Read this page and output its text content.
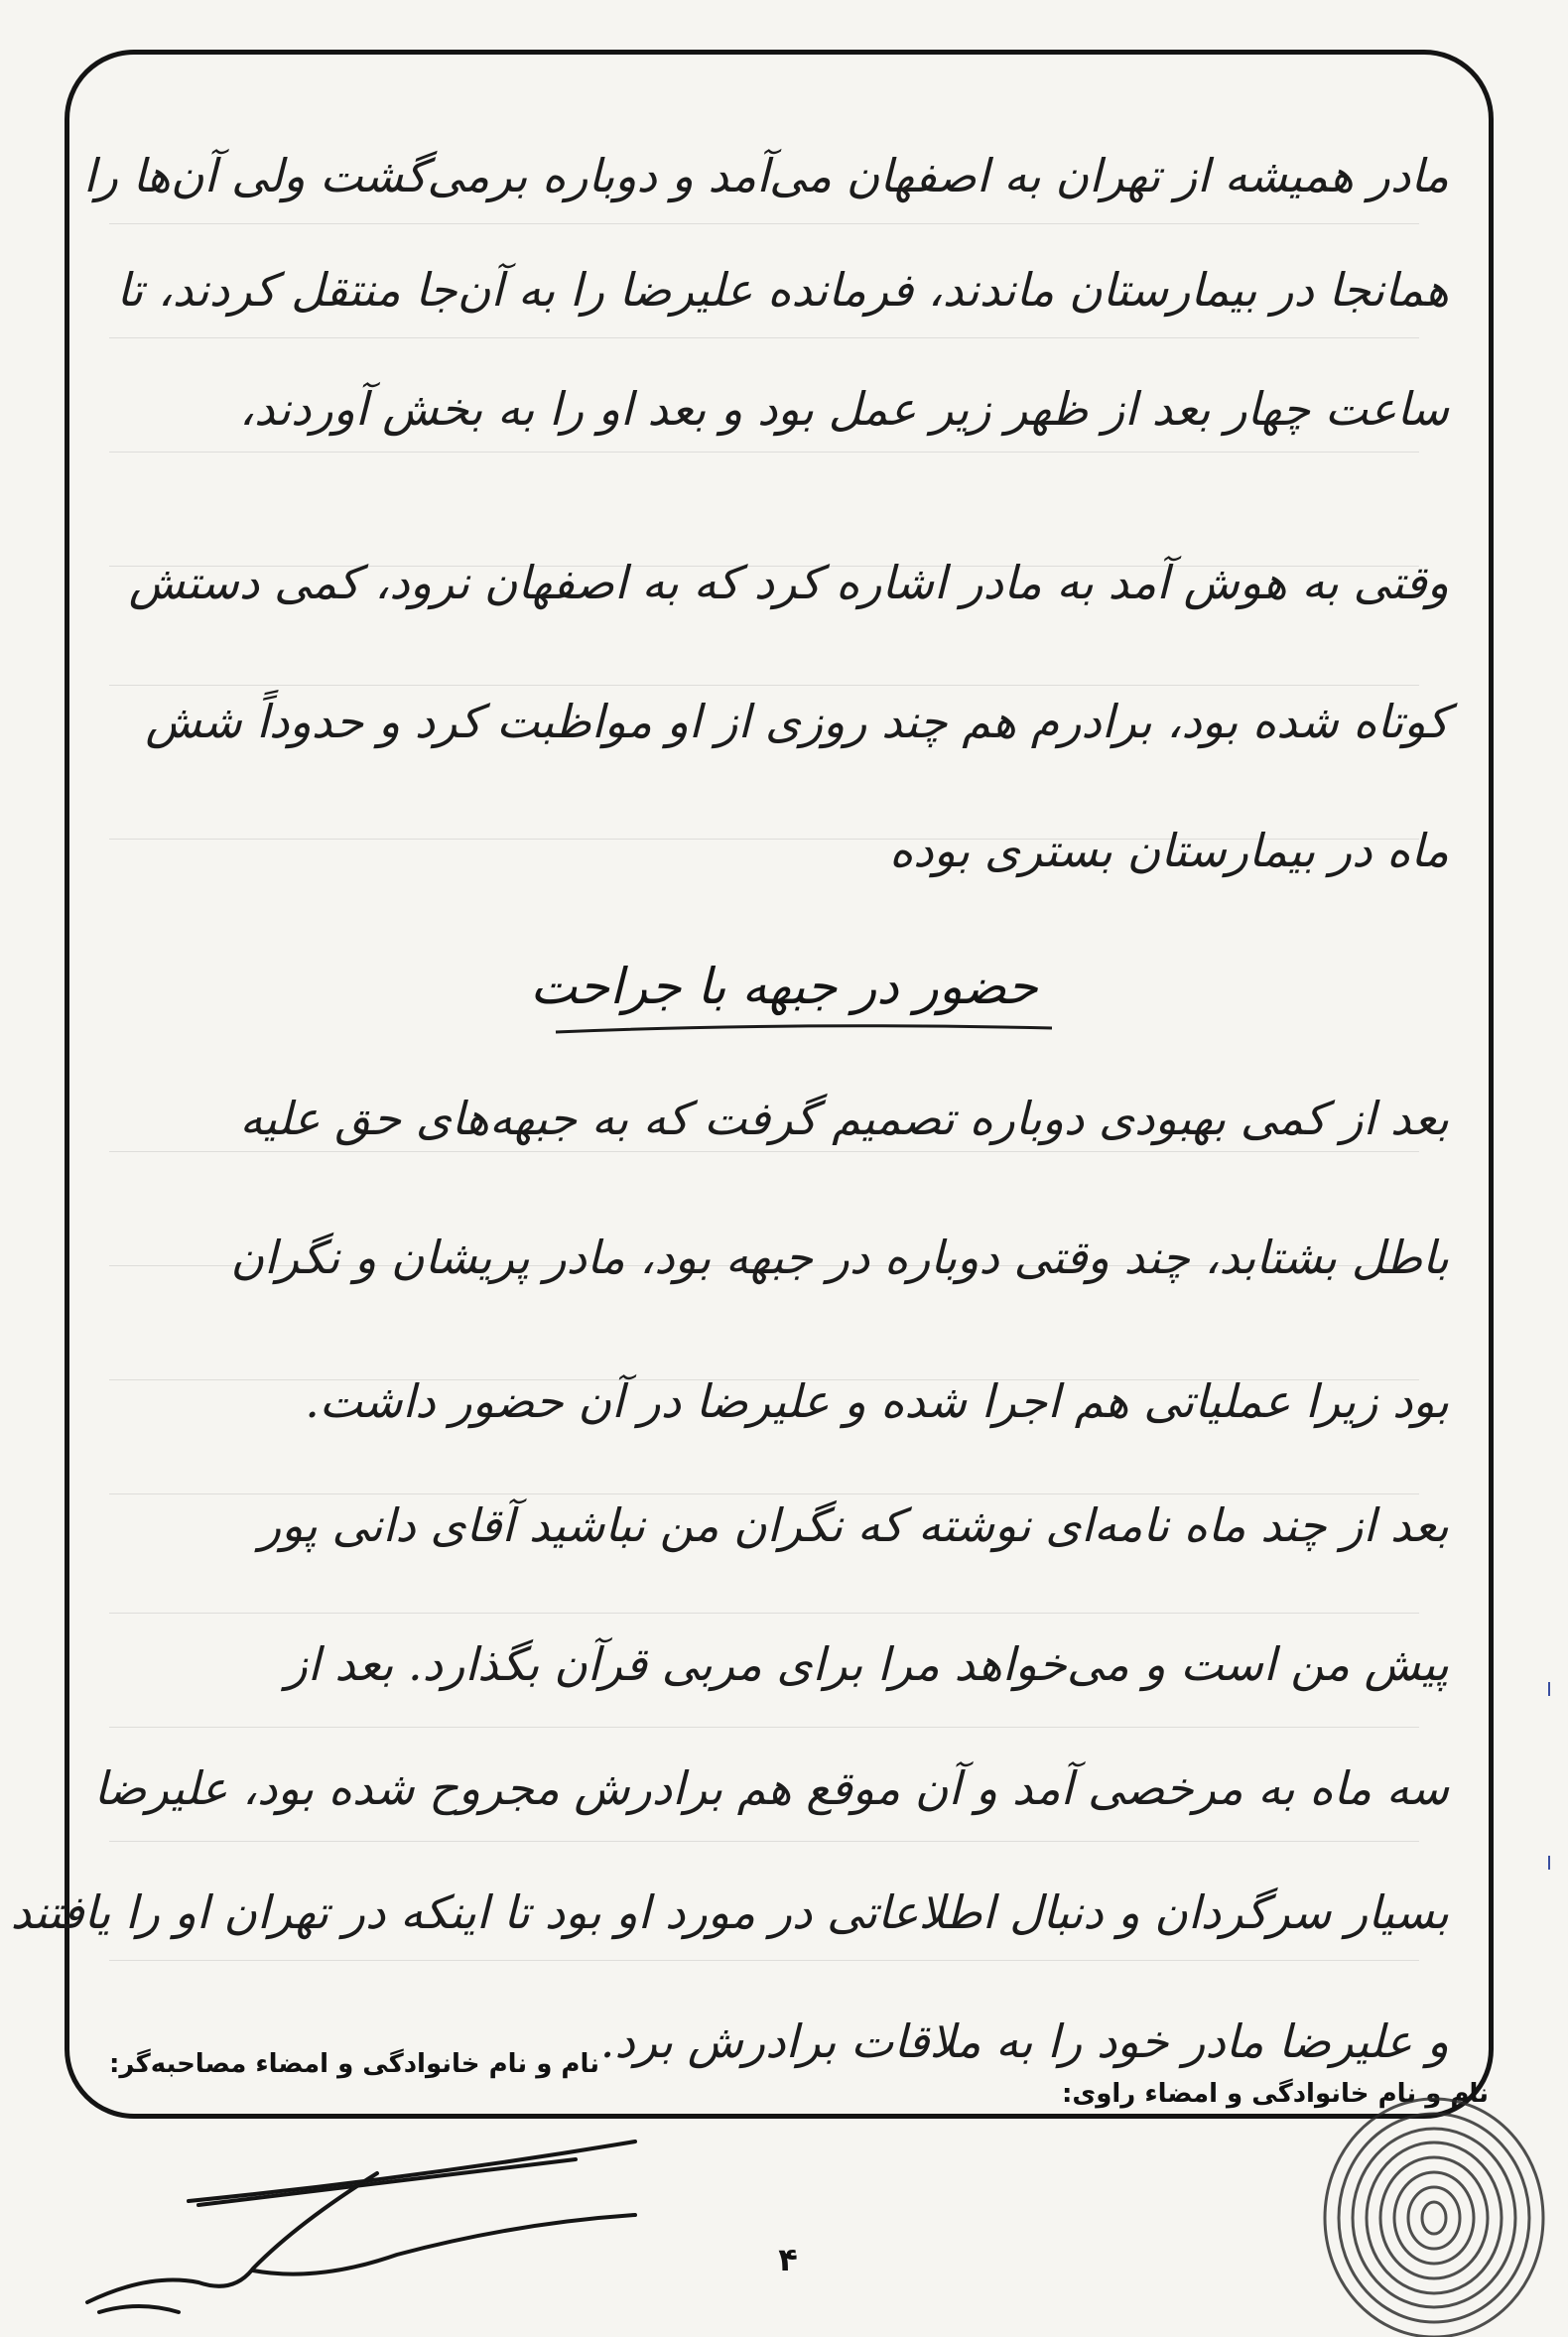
مادر همیشه از تهران به اصفهان می‌آمد و دوباره برمی‌گشت ولی آن‌ها را
همانجا در بیمارستان ماندند، فرمانده علیرضا را به آن‌جا منتقل کردند، تا
ساعت چهار بعد از ظهر زیر عمل بود و بعد او را به بخش آوردند،
وقتی به هوش آمد به مادر اشاره کرد که به اصفهان نرود، کمی دستش
کوتاه شده بود، برادرم هم چند روزی از او مواظبت کرد و حدوداً شش
ماه در بیمارستان بستری بوده
حضور در جبهه با جراحت
بعد از کمی بهبودی دوباره تصمیم گرفت که به جبهه‌های حق علیه
باطل بشتابد، چند وقتی دوباره در جبهه بود، مادر پریشان و نگران
بود زیرا عملیاتی هم اجرا شده و علیرضا در آن حضور داشت.
بعد از چند ماه نامه‌ای نوشته که نگران من نباشید آقای دانی پور
پیش من است و می‌خواهد مرا برای مربی قرآن بگذارد. بعد از
سه ماه به مرخصی آمد و آن موقع هم برادرش مجروح شده بود، علیرضا
بسیار سرگردان و دنبال اطلاعاتی در مورد او بود تا اینکه در تهران او را یافتند
و علیرضا مادر خود را به ملاقات برادرش برد.
نام و نام خانوادگی و امضاء مصاحبه‌گر:
نام و نام خانوادگی و امضاء راوی:
۴
